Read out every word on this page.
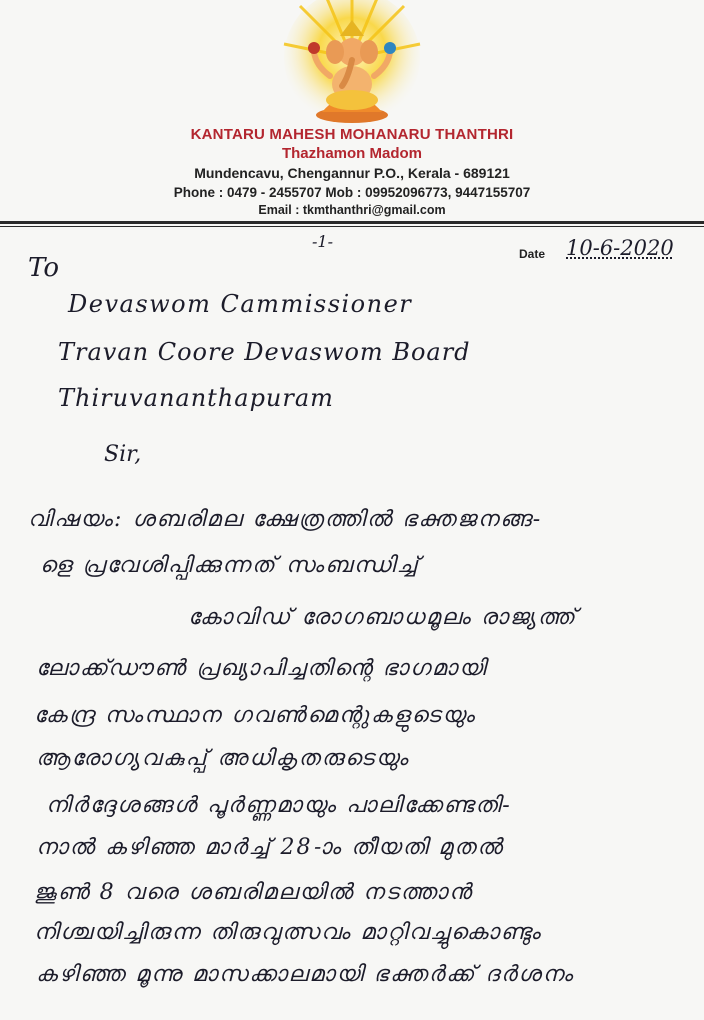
KANTARU MAHESH MOHANARU THANTHRI
Thazhamon Madom
Mundencavu, Chengannur P.O., Kerala - 689121
Phone : 0479 - 2455707 Mob : 09952096773, 9447155707
Email : tkmthanthri@gmail.com
-1-
Date 10-6-2020
To
Devaswom Cammissioner
Travan Coore Devaswom Board
Thiruvananthapuram
Sir,
വിഷയം: ശബരിമല ക്ഷേത്രത്തിൽ ഭക്തജനങ്ങ-
ളെ പ്രവേശിപ്പിക്കുന്നത് സംബന്ധിച്ച്
കോവിഡ് രോഗബാധമൂലം രാജ്യത്ത്
ലോക്ക്ഡൗൺ പ്രഖ്യാപിച്ചതിന്റെ ഭാഗമായി
കേന്ദ്ര സംസ്ഥാന ഗവൺമെന്റുകളുടെയും
ആരോഗ്യവകുപ്പ് അധികൃതരുടെയും
നിർദ്ദേശങ്ങൾ പൂർണ്ണമായും പാലിക്കേണ്ടതി-
നാൽ കഴിഞ്ഞ മാർച്ച് 28-ാം തീയതി മുതൽ
ജൂൺ 8 വരെ ശബരിമലയിൽ നടത്താൻ
നിശ്ചയിച്ചിരുന്ന തിരുവുത്സവം മാറ്റിവച്ചുകൊണ്ടും
കഴിഞ്ഞ മൂന്നു മാസക്കാലമായി ഭക്തർക്ക് ദർശനം
